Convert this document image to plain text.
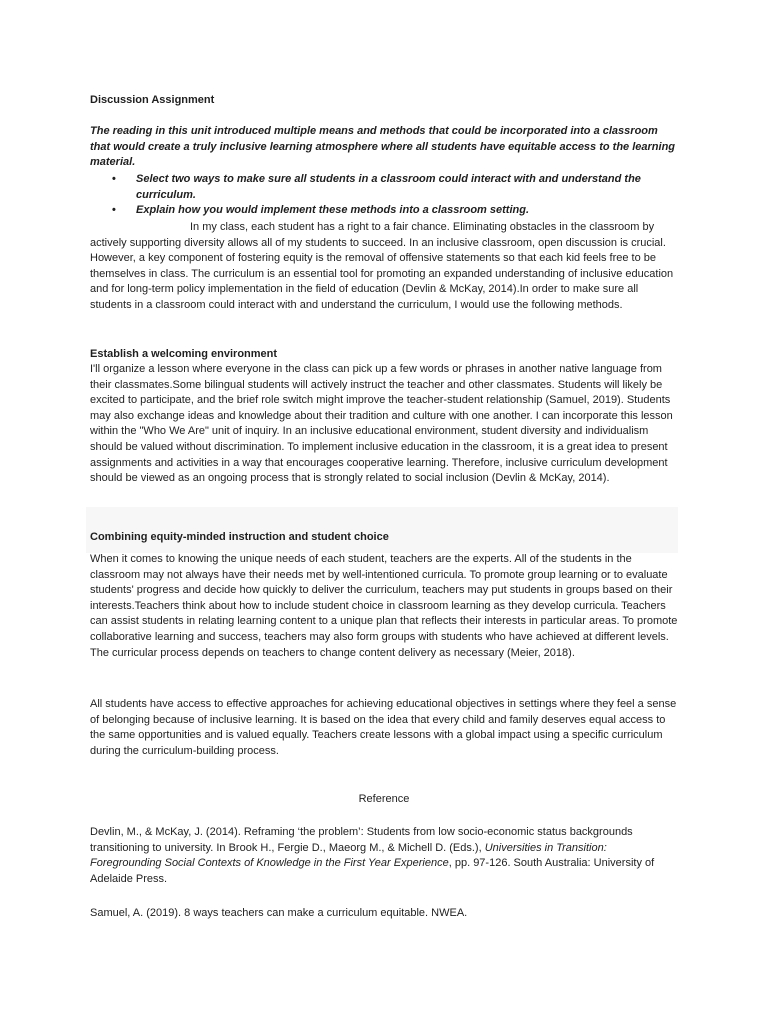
Discussion Assignment

The reading in this unit introduced multiple means and methods that could be incorporated into a classroom that would create a truly inclusive learning atmosphere where all students have equitable access to the learning material.

• Select two ways to make sure all students in a classroom could interact with and understand the curriculum.
• Explain how you would implement these methods into a classroom setting.

In my class, each student has a right to a fair chance. Eliminating obstacles in the classroom by actively supporting diversity allows all of my students to succeed. In an inclusive classroom, open discussion is crucial. However, a key component of fostering equity is the removal of offensive statements so that each kid feels free to be themselves in class. The curriculum is an essential tool for promoting an expanded understanding of inclusive education and for long-term policy implementation in the field of education (Devlin & McKay, 2014).In order to make sure all students in a classroom could interact with and understand the curriculum, I would use the following methods.

Establish a welcoming environment

I'll organize a lesson where everyone in the class can pick up a few words or phrases in another native language from their classmates.Some bilingual students will actively instruct the teacher and other classmates. Students will likely be excited to participate, and the brief role switch might improve the teacher-student relationship (Samuel, 2019). Students may also exchange ideas and knowledge about their tradition and culture with one another. I can incorporate this lesson within the "Who We Are" unit of inquiry. In an inclusive educational environment, student diversity and individualism should be valued without discrimination. To implement inclusive education in the classroom, it is a great idea to present assignments and activities in a way that encourages cooperative learning. Therefore, inclusive curriculum development should be viewed as an ongoing process that is strongly related to social inclusion (Devlin & McKay, 2014).

Combining equity-minded instruction and student choice

When it comes to knowing the unique needs of each student, teachers are the experts. All of the students in the classroom may not always have their needs met by well-intentioned curricula. To promote group learning or to evaluate students' progress and decide how quickly to deliver the curriculum, teachers may put students in groups based on their interests.Teachers think about how to include student choice in classroom learning as they develop curricula. Teachers can assist students in relating learning content to a unique plan that reflects their interests in particular areas. To promote collaborative learning and success, teachers may also form groups with students who have achieved at different levels. The curricular process depends on teachers to change content delivery as necessary (Meier, 2018).

All students have access to effective approaches for achieving educational objectives in settings where they feel a sense of belonging because of inclusive learning. It is based on the idea that every child and family deserves equal access to the same opportunities and is valued equally. Teachers create lessons with a global impact using a specific curriculum during the curriculum-building process.

Reference

Devlin, M., & McKay, J. (2014). Reframing ‘the problem’: Students from low socio-economic status backgrounds transitioning to university. In Brook H., Fergie D., Maeorg M., & Michell D. (Eds.), Universities in Transition: Foregrounding Social Contexts of Knowledge in the First Year Experience, pp. 97-126. South Australia: University of Adelaide Press.

Samuel, A. (2019). 8 ways teachers can make a curriculum equitable. NWEA.
